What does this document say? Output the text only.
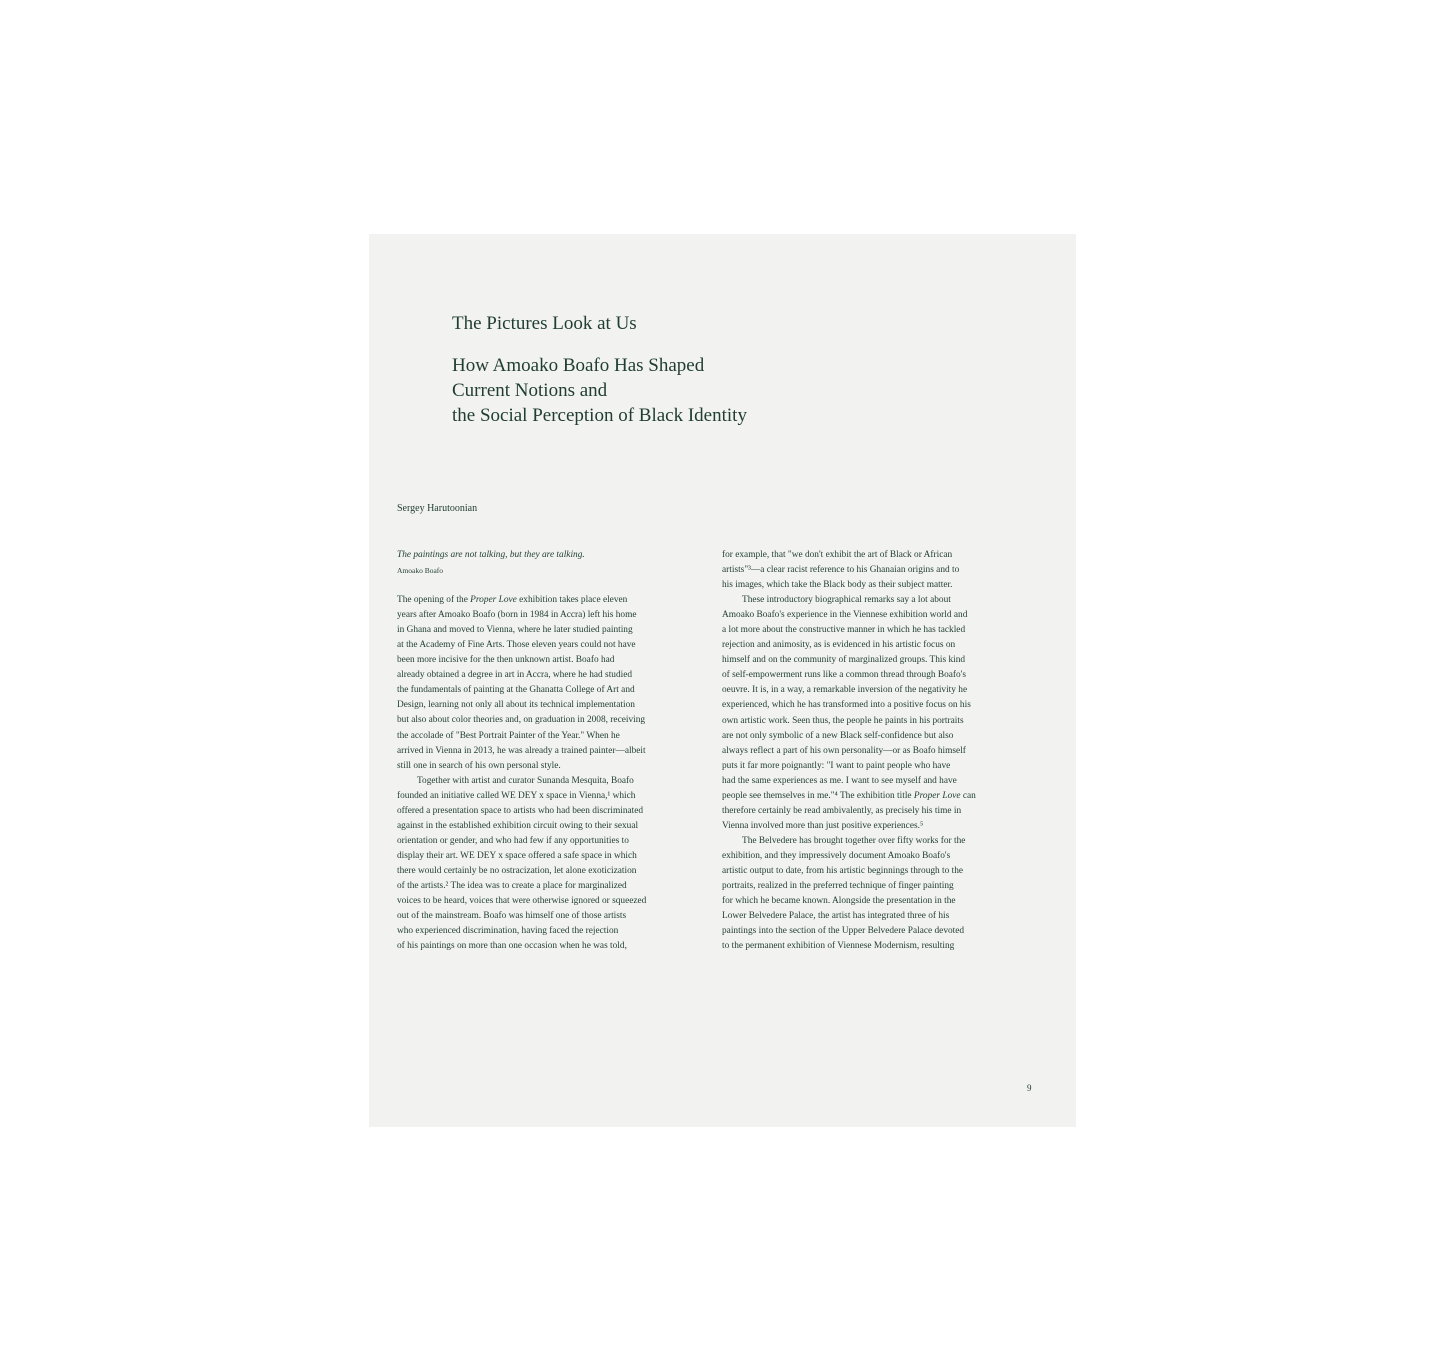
The Pictures Look at Us
How Amoako Boafo Has Shaped
Current Notions and
the Social Perception of Black Identity
Sergey Harutoonian
The paintings are not talking, but they are talking.
Amoako Boafo
The opening of the Proper Love exhibition takes place eleven
years after Amoako Boafo (born in 1984 in Accra) left his home
in Ghana and moved to Vienna, where he later studied painting
at the Academy of Fine Arts. Those eleven years could not have
been more incisive for the then unknown artist. Boafo had
already obtained a degree in art in Accra, where he had studied
the fundamentals of painting at the Ghanatta College of Art and
Design, learning not only all about its technical implementation
but also about color theories and, on graduation in 2008, receiving
the accolade of "Best Portrait Painter of the Year." When he
arrived in Vienna in 2013, he was already a trained painter—albeit
still one in search of his own personal style.
Together with artist and curator Sunanda Mesquita, Boafo
founded an initiative called WE DEY x space in Vienna,¹ which
offered a presentation space to artists who had been discriminated
against in the established exhibition circuit owing to their sexual
orientation or gender, and who had few if any opportunities to
display their art. WE DEY x space offered a safe space in which
there would certainly be no ostracization, let alone exoticization
of the artists.² The idea was to create a place for marginalized
voices to be heard, voices that were otherwise ignored or squeezed
out of the mainstream. Boafo was himself one of those artists
who experienced discrimination, having faced the rejection
of his paintings on more than one occasion when he was told,
for example, that "we don't exhibit the art of Black or African
artists"³—a clear racist reference to his Ghanaian origins and to
his images, which take the Black body as their subject matter.
These introductory biographical remarks say a lot about
Amoako Boafo's experience in the Viennese exhibition world and
a lot more about the constructive manner in which he has tackled
rejection and animosity, as is evidenced in his artistic focus on
himself and on the community of marginalized groups. This kind
of self-empowerment runs like a common thread through Boafo's
oeuvre. It is, in a way, a remarkable inversion of the negativity he
experienced, which he has transformed into a positive focus on his
own artistic work. Seen thus, the people he paints in his portraits
are not only symbolic of a new Black self-confidence but also
always reflect a part of his own personality—or as Boafo himself
puts it far more poignantly: "I want to paint people who have
had the same experiences as me. I want to see myself and have
people see themselves in me."⁴ The exhibition title Proper Love can
therefore certainly be read ambivalently, as precisely his time in
Vienna involved more than just positive experiences.⁵
The Belvedere has brought together over fifty works for the
exhibition, and they impressively document Amoako Boafo's
artistic output to date, from his artistic beginnings through to the
portraits, realized in the preferred technique of finger painting
for which he became known. Alongside the presentation in the
Lower Belvedere Palace, the artist has integrated three of his
paintings into the section of the Upper Belvedere Palace devoted
to the permanent exhibition of Viennese Modernism, resulting
9
